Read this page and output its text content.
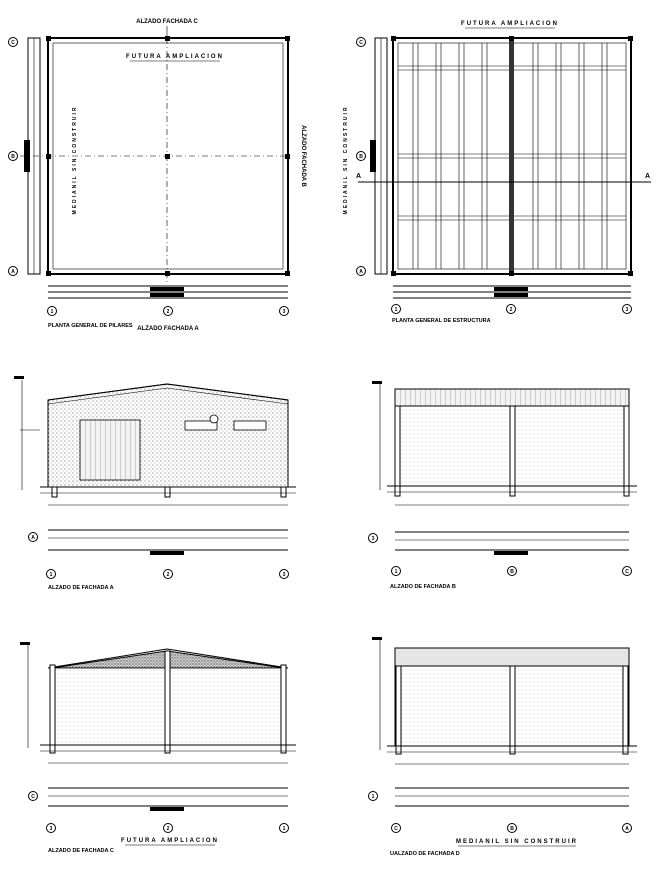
ALZADO FACHADA C
C
B
A
FUTURA AMPLIACION
MEDIANIL SIN CONSTRUIR	ALZADO FACHADA B
1	2	3
PLANTA GENERAL DE PILARES ALZADO FACHADA A
FUTURA AMPLIACION
A	A
C
B
A
MEDIANIL SIN CONSTRUIR
1	2	3
PLANTA GENERAL DE ESTRUCTURA
A
1	2	3
ALZADO DE FACHADA A
3
1	B	C
ALZADO DE FACHADA B
C
3	2	1
FUTURA AMPLIACION
ALZADO DE FACHADA C
1
C	B	A
MEDIANIL SIN CONSTRUIR
UALZADO DE FACHADA D
